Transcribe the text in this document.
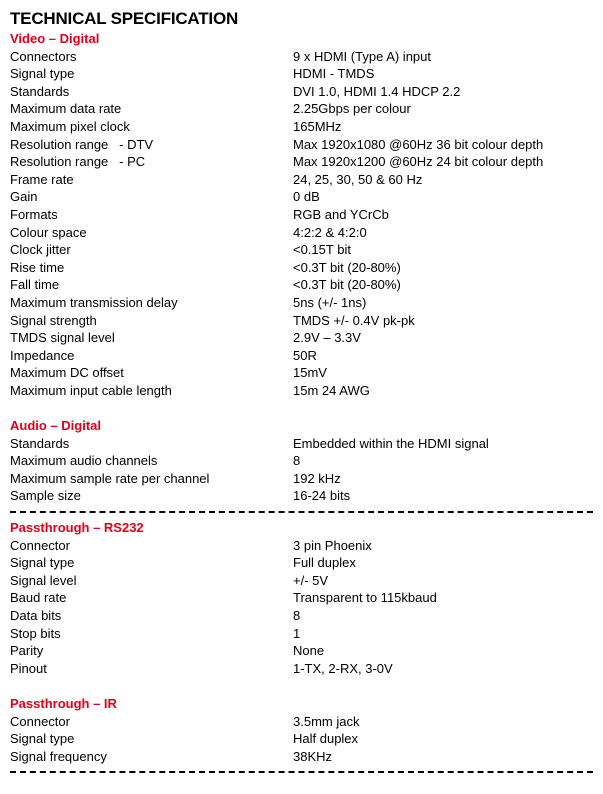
TECHNICAL SPECIFICATION
Video – Digital
Connectors	9 x HDMI (Type A) input
Signal type	HDMI - TMDS
Standards	DVI 1.0, HDMI 1.4 HDCP 2.2
Maximum data rate	2.25Gbps per colour
Maximum pixel clock	165MHz
Resolution range   - DTV	Max 1920x1080 @60Hz 36 bit colour depth
Resolution range   - PC	Max 1920x1200 @60Hz 24 bit colour depth
Frame rate	24, 25, 30, 50 & 60 Hz
Gain	0 dB
Formats	RGB and YCrCb
Colour space	4:2:2 & 4:2:0
Clock jitter	<0.15T bit
Rise time	<0.3T bit (20-80%)
Fall time	<0.3T bit (20-80%)
Maximum transmission delay	5ns (+/- 1ns)
Signal strength	TMDS +/- 0.4V pk-pk
TMDS signal level	2.9V – 3.3V
Impedance	50R
Maximum DC offset	15mV
Maximum input cable length	15m 24 AWG
Audio – Digital
Standards	Embedded within the HDMI signal
Maximum audio channels	8
Maximum sample rate per channel	192 kHz
Sample size	16-24 bits
Passthrough – RS232
Connector	3 pin Phoenix
Signal type	Full duplex
Signal level	+/- 5V
Baud rate	Transparent to 115kbaud
Data bits	8
Stop bits	1
Parity	None
Pinout	1-TX, 2-RX, 3-0V
Passthrough – IR
Connector	3.5mm jack
Signal type	Half duplex
Signal frequency	38KHz
